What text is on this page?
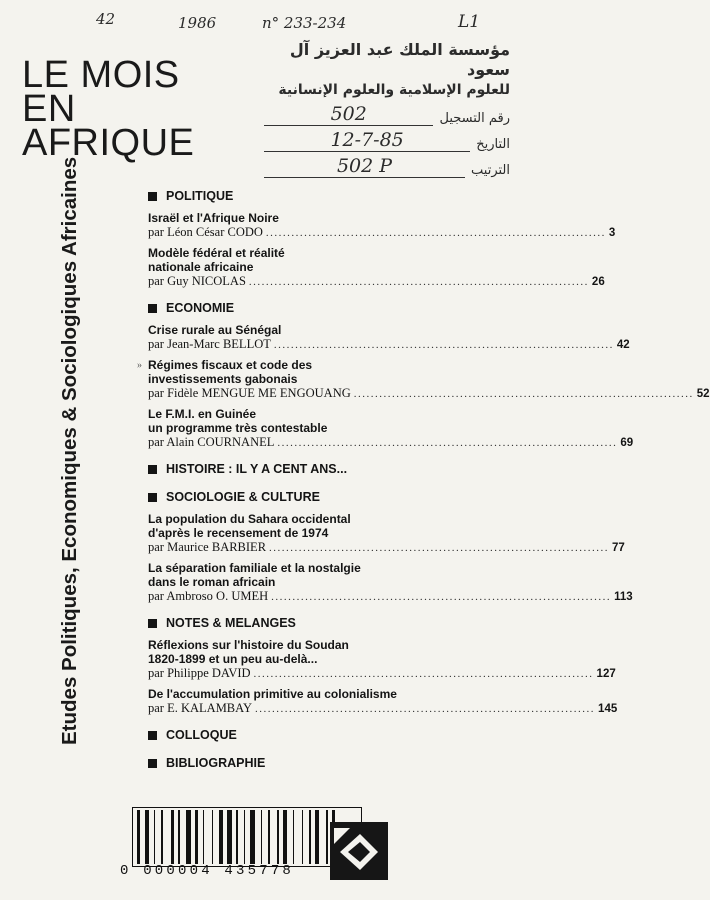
42	1986	n° 233-234	L1
مؤسسة الملك عبد العزيز آل سعود
للعلوم الإسلامية والعلوم الإنسانية
رقم التسجيل
502
التاريخ
12-7-85
الترتيب
502 P
LE MOIS
EN
AFRIQUE
Etudes Politiques, Economiques & Sociologiques Africaines	POLITIQUE
Israël et l'Afrique Noire
par Léon César CODO ................................................................................ 3
Modèle fédéral et réalité
nationale africaine
par Guy NICOLAS ................................................................................ 26
ECONOMIE
Crise rurale au Sénégal
par Jean-Marc BELLOT ................................................................................ 42
» Régimes fiscaux et code des
investissements gabonais
par Fidèle MENGUE ME ENGOUANG ................................................................................ 52
Le F.M.I. en Guinée
un programme très contestable
par Alain COURNANEL ................................................................................ 69
HISTOIRE : IL Y A CENT ANS...
SOCIOLOGIE & CULTURE
La population du Sahara occidental
d'après le recensement de 1974
par Maurice BARBIER ................................................................................ 77
La séparation familiale et la nostalgie
dans le roman africain
par Ambroso O. UMEH ................................................................................ 113
NOTES & MELANGES
Réflexions sur l'histoire du Soudan
1820-1899 et un peu au-delà...
par Philippe DAVID ................................................................................ 127
De l'accumulation primitive au colonialisme
par E. KALAMBAY ................................................................................ 145
COLLOQUE
BIBLIOGRAPHIE
0 000004 435778
